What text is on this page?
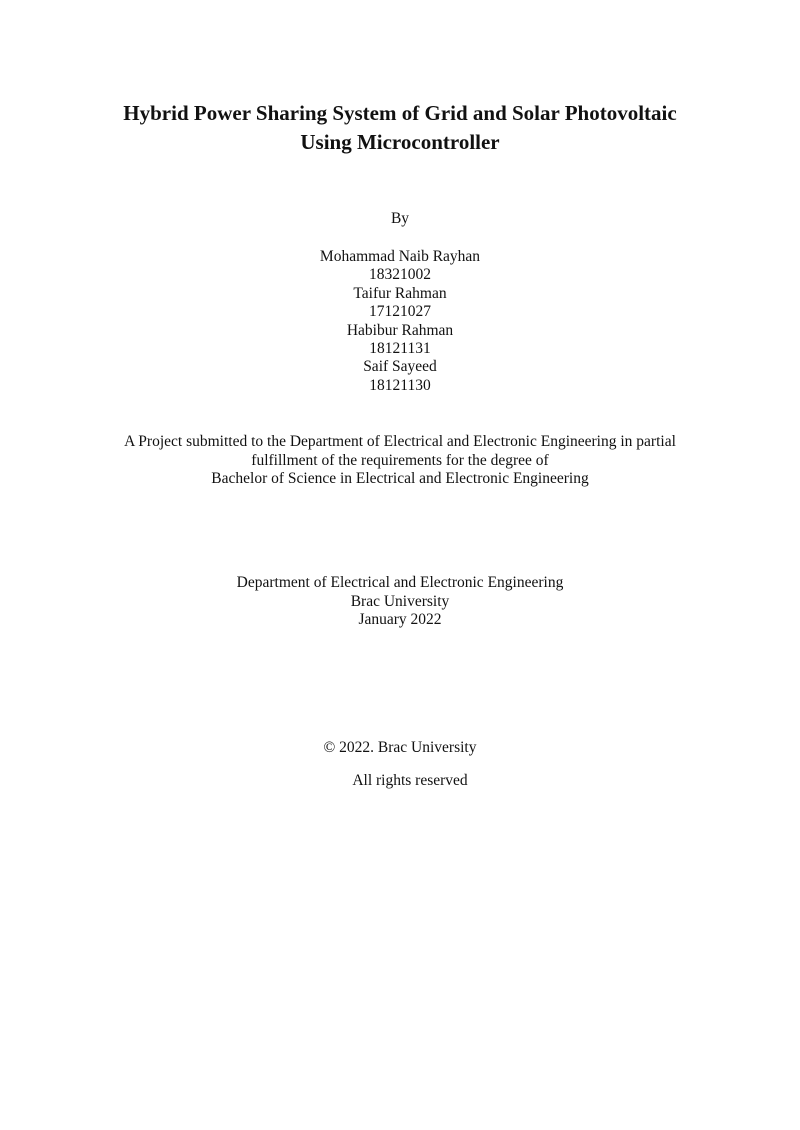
Hybrid Power Sharing System of Grid and Solar Photovoltaic
Using Microcontroller
By
Mohammad Naib Rayhan
18321002
Taifur Rahman
17121027
Habibur Rahman
18121131
Saif Sayeed
18121130
A Project submitted to the Department of Electrical and Electronic Engineering in partial
fulfillment of the requirements for the degree of
Bachelor of Science in Electrical and Electronic Engineering
Department of Electrical and Electronic Engineering
Brac University
January 2022
© 2022. Brac University
All rights reserved
